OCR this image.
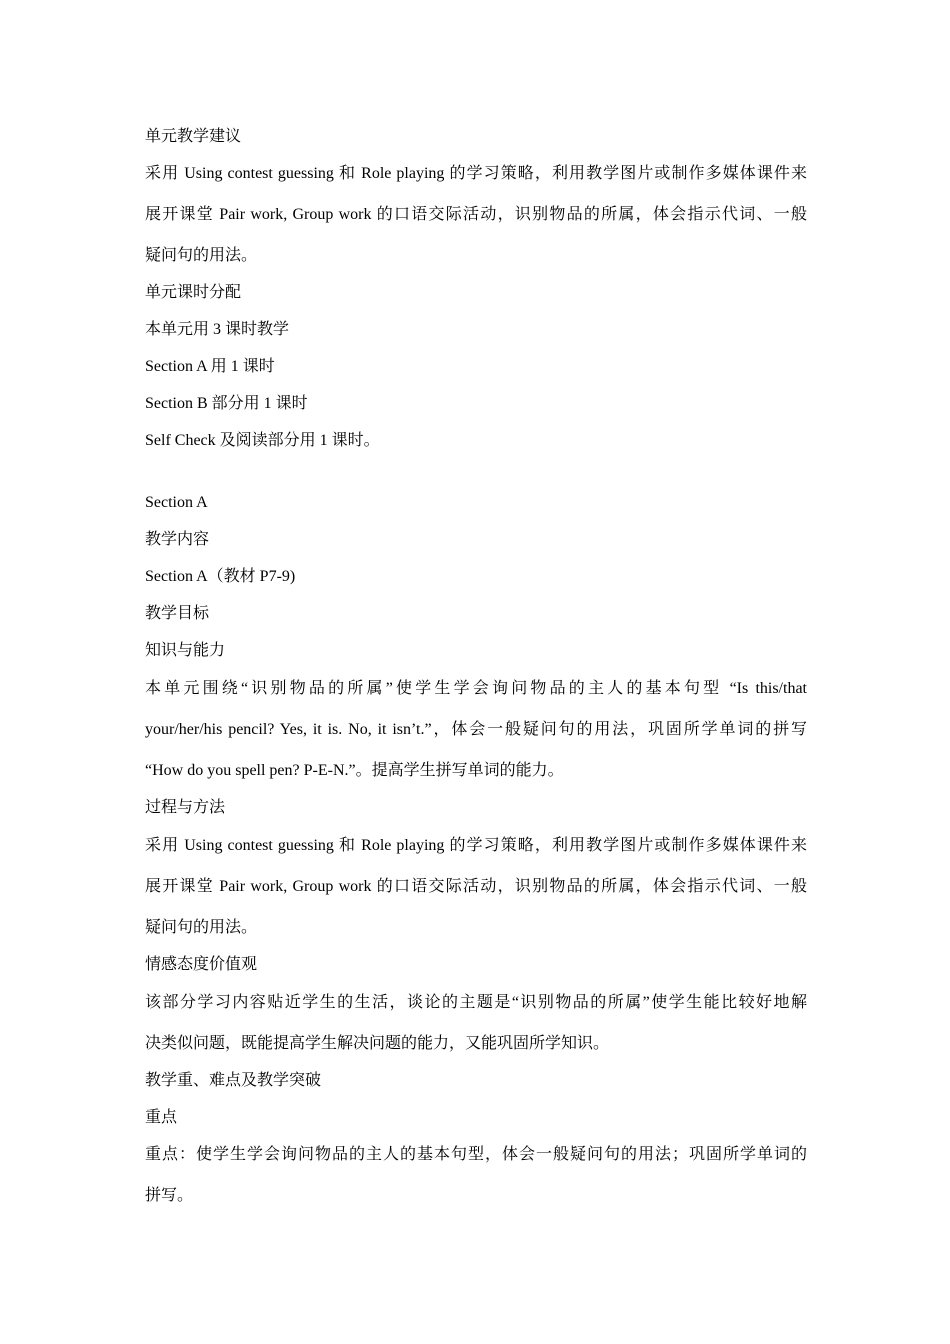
单元教学建议
采用 Using contest guessing 和 Role playing 的学习策略，利用教学图片或制作多媒体课件来
展开课堂 Pair work, Group work 的口语交际活动，识别物品的所属，体会指示代词、一般
疑问句的用法。
单元课时分配
本单元用 3 课时教学
Section A 用 1 课时
Section B 部分用 1 课时
Self Check 及阅读部分用 1 课时。
Section A
教学内容
Section A（教材 P7-9)
教学目标
知识与能力
本单元围绕“识别物品的所属”使学生学会询问物品的主人的基本句型 “Is this/that
your/her/his pencil? Yes, it is. No, it isn’t.”，体会一般疑问句的用法，巩固所学单词的拼写
“How do you spell pen? P-E-N.”。提高学生拼写单词的能力。
过程与方法
采用 Using contest guessing 和 Role playing 的学习策略，利用教学图片或制作多媒体课件来
展开课堂 Pair work, Group work 的口语交际活动，识别物品的所属，体会指示代词、一般
疑问句的用法。
情感态度价值观
该部分学习内容贴近学生的生活，谈论的主题是“识别物品的所属”使学生能比较好地解
决类似问题，既能提高学生解决问题的能力，又能巩固所学知识。
教学重、难点及教学突破
重点
重点：使学生学会询问物品的主人的基本句型，体会一般疑问句的用法；巩固所学单词的
拼写。
